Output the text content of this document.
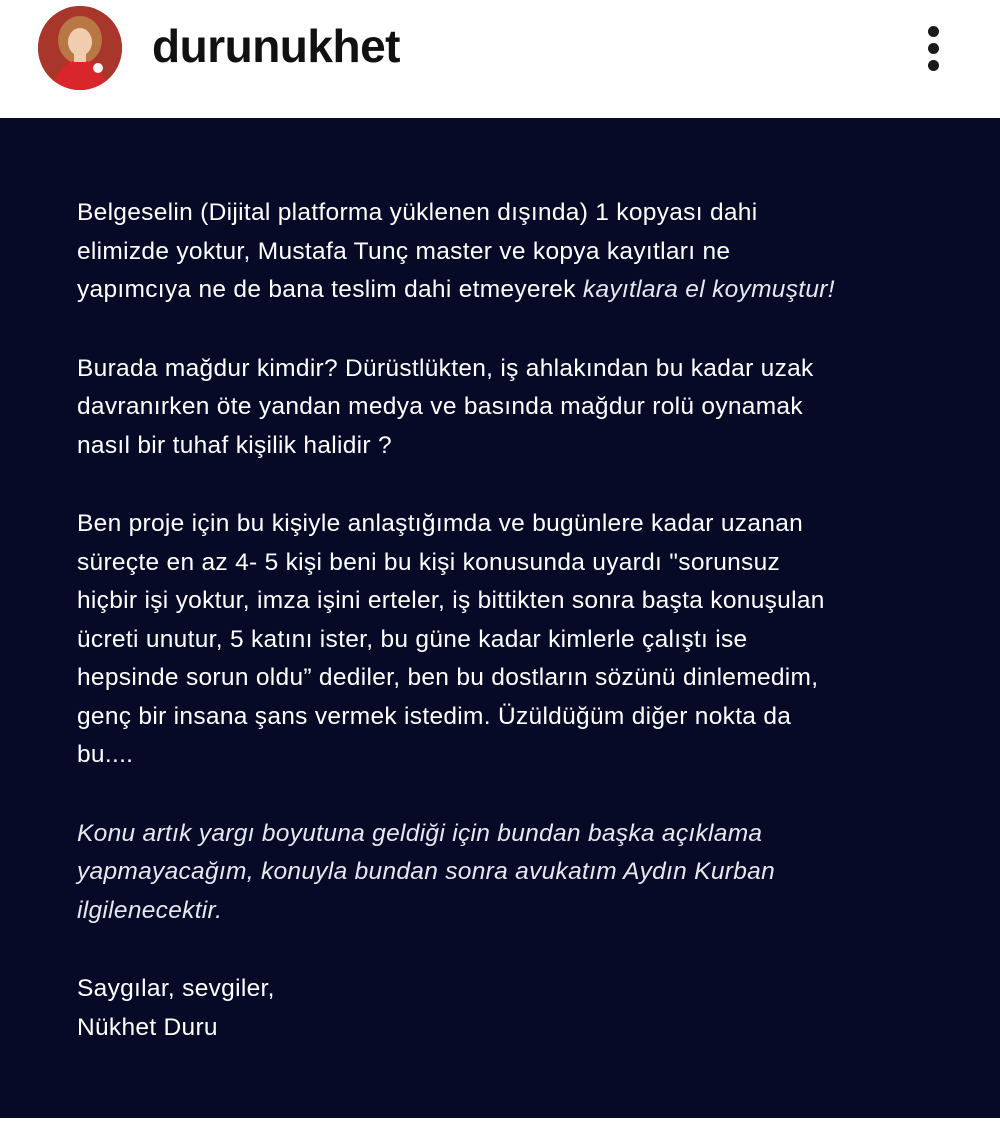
durunukhet

Belgeselin (Dijital platforma yüklenen dışında) 1 kopyası dahi
elimizde yoktur, Mustafa Tunç master ve kopya kayıtları ne
yapımcıya ne de bana teslim dahi etmeyerek kayıtlara el koymuştur!

Burada mağdur kimdir? Dürüstlükten, iş ahlakından bu kadar uzak
davranırken öte yandan medya ve basında mağdur rolü oynamak
nasıl bir tuhaf kişilik halidir ?

Ben proje için bu kişiyle anlaştığımda ve bugünlere kadar uzanan
süreçte en az 4- 5 kişi beni bu kişi konusunda uyardı "sorunsuz
hiçbir işi yoktur, imza işini erteler, iş bittikten sonra başta konuşulan
ücreti unutur, 5 katını ister, bu güne kadar kimlerle çalıştı ise
hepsinde sorun oldu” dediler, ben bu dostların sözünü dinlemedim,
genç bir insana şans vermek istedim. Üzüldüğüm diğer nokta da
bu....

Konu artık yargı boyutuna geldiği için bundan başka açıklama
yapmayacağım, konuyla bundan sonra avukatım Aydın Kurban
ilgilenecektir.

Saygılar, sevgiler,
Nükhet Duru
